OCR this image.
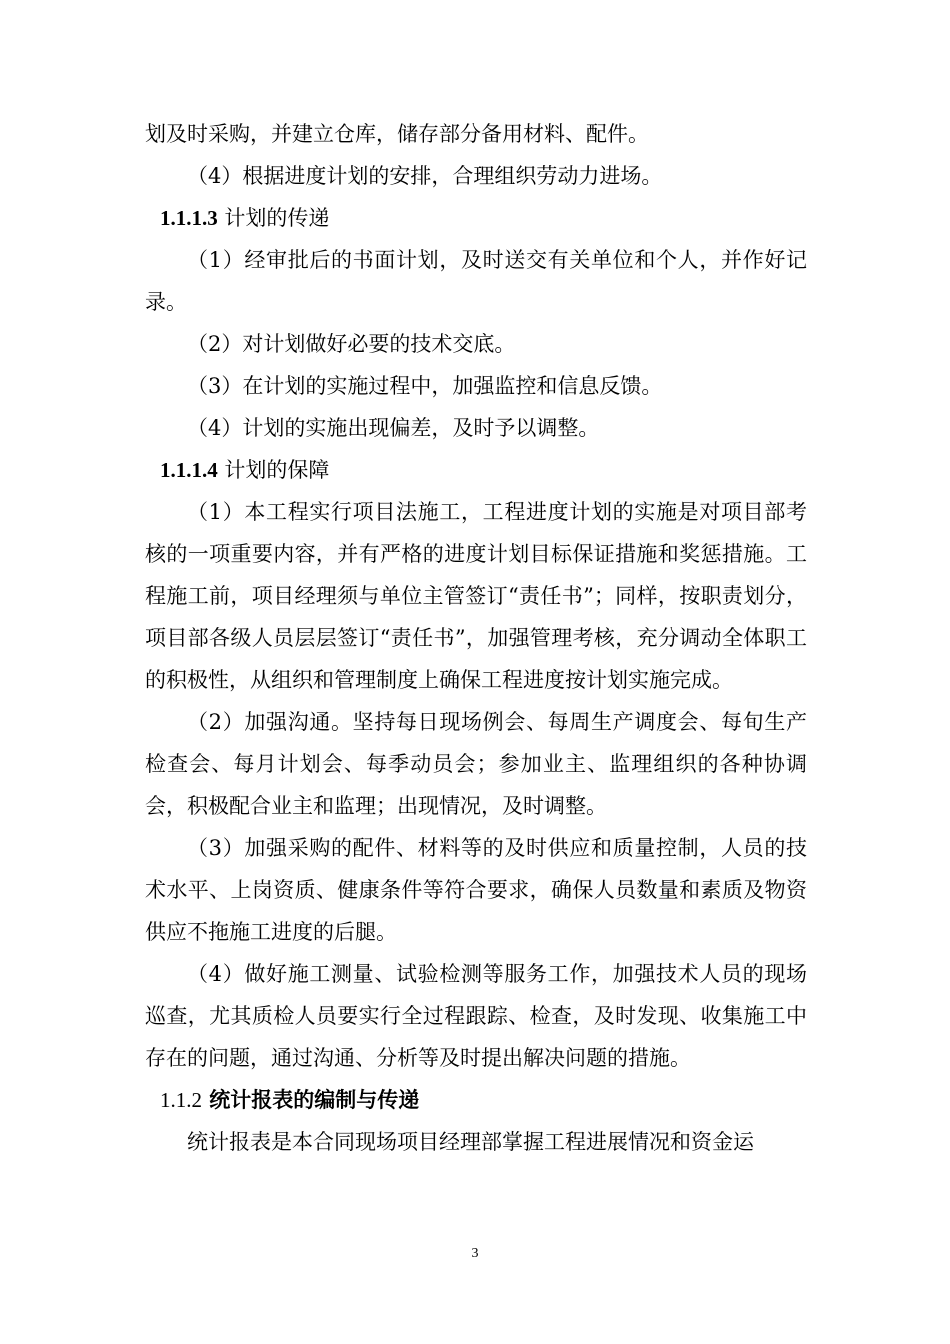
划及时采购，并建立仓库，储存部分备用材料、配件。

（4）根据进度计划的安排，合理组织劳动力进场。

1.1.1.3 计划的传递

（1）经审批后的书面计划，及时送交有关单位和个人，并作好记录。

（2）对计划做好必要的技术交底。

（3）在计划的实施过程中，加强监控和信息反馈。

（4）计划的实施出现偏差，及时予以调整。

1.1.1.4 计划的保障

（1）本工程实行项目法施工，工程进度计划的实施是对项目部考核的一项重要内容，并有严格的进度计划目标保证措施和奖惩措施。工程施工前，项目经理须与单位主管签订“责任书”；同样，按职责划分，项目部各级人员层层签订“责任书”，加强管理考核，充分调动全体职工的积极性，从组织和管理制度上确保工程进度按计划实施完成。

（2）加强沟通。坚持每日现场例会、每周生产调度会、每旬生产检查会、每月计划会、每季动员会；参加业主、监理组织的各种协调会，积极配合业主和监理；出现情况，及时调整。

（3）加强采购的配件、材料等的及时供应和质量控制，人员的技术水平、上岗资质、健康条件等符合要求，确保人员数量和素质及物资供应不拖施工进度的后腿。

（4）做好施工测量、试验检测等服务工作，加强技术人员的现场巡查，尤其质检人员要实行全过程跟踪、检查，及时发现、收集施工中存在的问题，通过沟通、分析等及时提出解决问题的措施。

1.1.2 统计报表的编制与传递

统计报表是本合同现场项目经理部掌握工程进展情况和资金运

3
